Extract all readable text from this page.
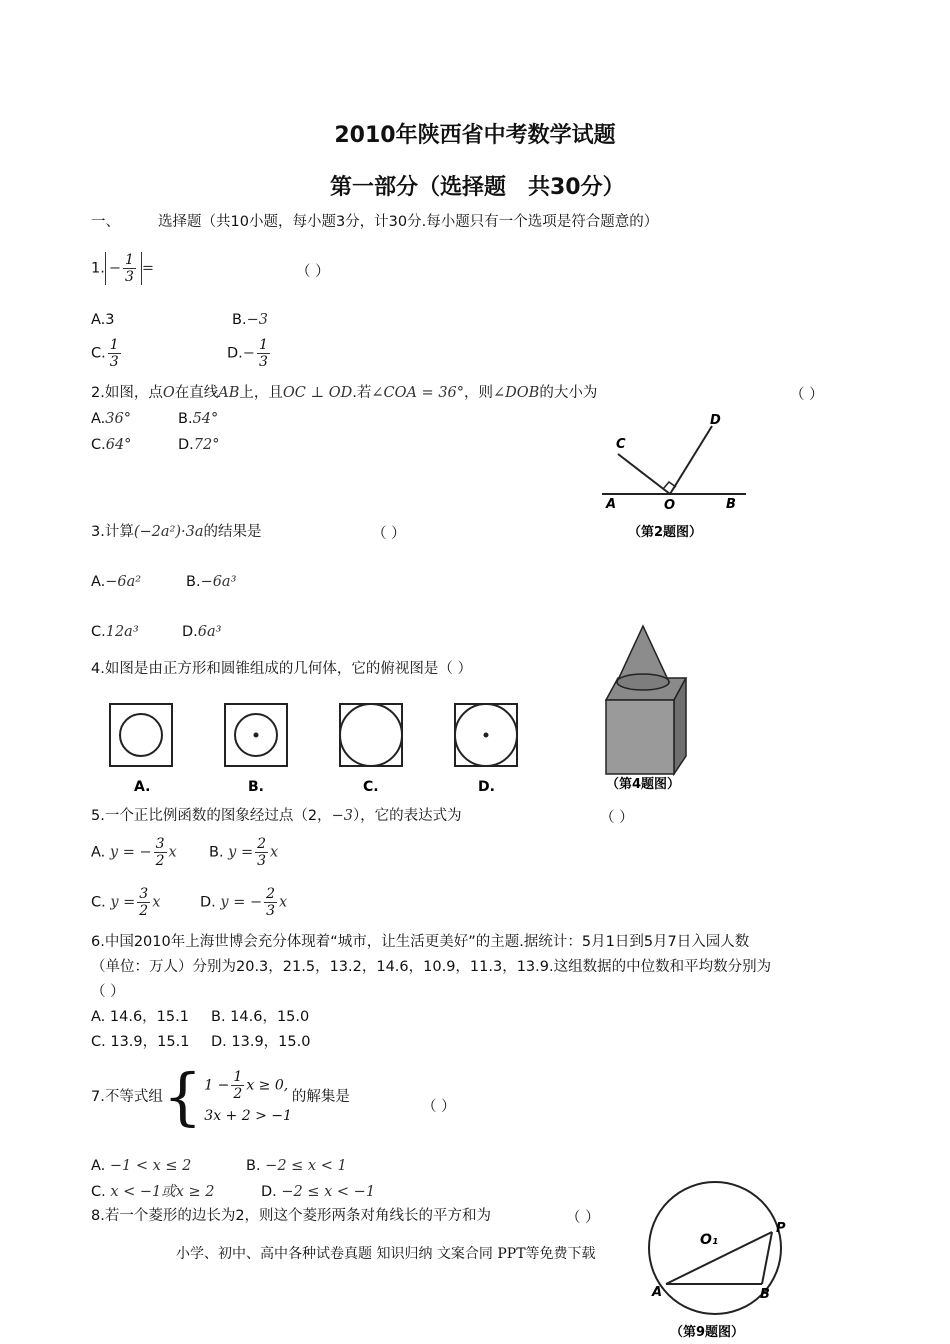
2010年陕西省中考数学试题
第一部分（选择题　共30分）
一、	选择题（共10小题，每小题3分，计30分.每小题只有一个选项是符合题意的）
1. − $\frac{1}{3}$ =	（ ）
A.3	B.−3
C. $\frac{1}{3}$	$D.- \frac{1}{3}$
2.如图，点O在直线AB上，且OC ⊥ OD.若∠COA = 36°，则∠DOB的大小为	（ ）
A.36°	B.54°
C.64°	D.72°
A	O	B
C
D
（第2题图）
3.计算(−2a²)·3a的结果是	（ ）
A.−6a²	B.−6a³
C.12a³	D.6a³
4.如图是由正方形和圆锥组成的几何体，它的俯视图是（ ）
A.	B.	C.	D.	（第4题图）
5.一个正比例函数的图象经过点（2，−3），它的表达式为	（ ）
A. y = − $\frac{3}{2}$ x B. $y = \frac{2}{3}$ x
C. $y = \frac{3}{2}$ x	D. y = − $\frac{2}{3}$ x
6.中国2010年上海世博会充分体现着“城市，让生活更美好”的主题.据统计：5月1日到5月7日入园人数
（单位：万人）分别为20.3，21.5，13.2，14.6，10.9，11.3，13.9.这组数据的中位数和平均数分别为
（ ）
A. 14.6，15.1 B. 14.6，15.0
C. 13.9，15.1 D. 13.9，15.0
7.不等式组 { $1 - \frac{1}{2}$ x ≥ 0,
3x + 2 > −1
的解集是
（ ）
A. −1 < x ≤ 2	B. −2 ≤ x < 1
C. x < −1或x ≥ 2	D. −2 ≤ x < −1
8.若一个菱形的边长为2，则这个菱形两条对角线长的平方和为	（ ）
O₁
P
A	B
（第9题图）
小学、初中、高中各种试卷真题 知识归纳 文案合同 PPT等免费下载
